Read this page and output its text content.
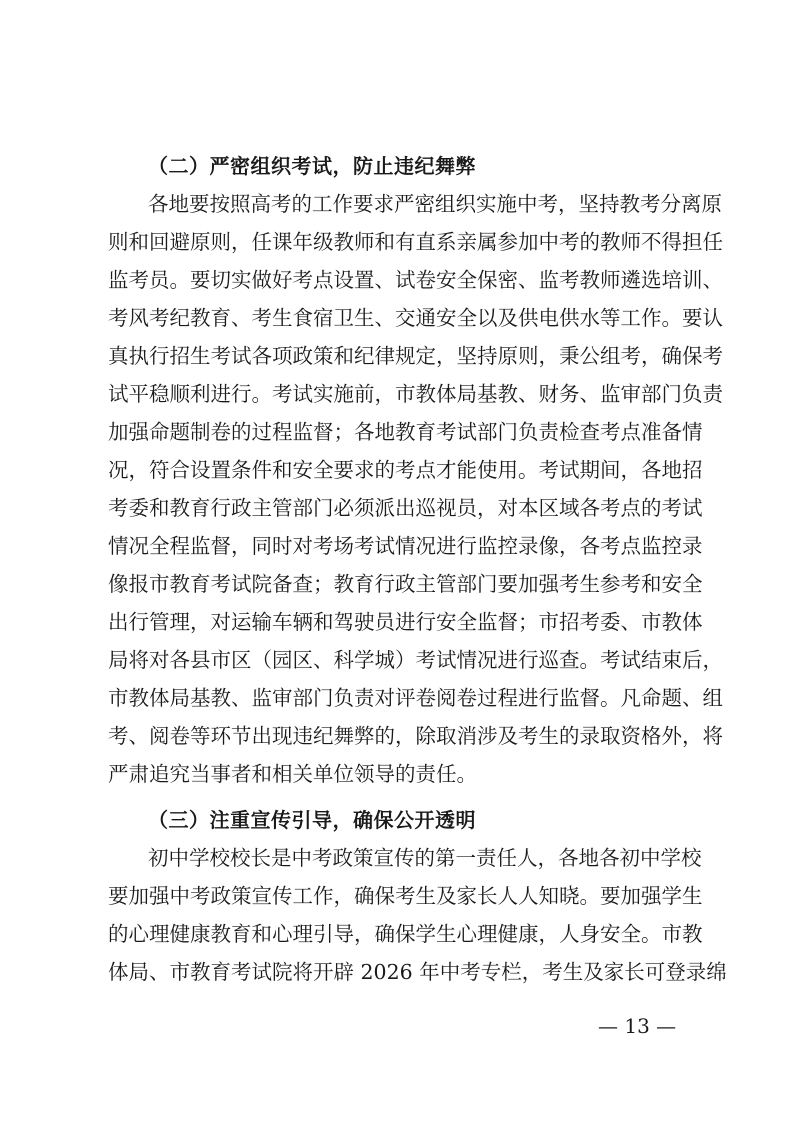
（二）严密组织考试，防止违纪舞弊
各地要按照高考的工作要求严密组织实施中考，坚持教考分离原
则和回避原则，任课年级教师和有直系亲属参加中考的教师不得担任
监考员。要切实做好考点设置、试卷安全保密、监考教师遴选培训、
考风考纪教育、考生食宿卫生、交通安全以及供电供水等工作。要认
真执行招生考试各项政策和纪律规定，坚持原则，秉公组考，确保考
试平稳顺利进行。考试实施前，市教体局基教、财务、监审部门负责
加强命题制卷的过程监督；各地教育考试部门负责检查考点准备情
况，符合设置条件和安全要求的考点才能使用。考试期间，各地招
考委和教育行政主管部门必须派出巡视员，对本区域各考点的考试
情况全程监督，同时对考场考试情况进行监控录像，各考点监控录
像报市教育考试院备查；教育行政主管部门要加强考生参考和安全
出行管理，对运输车辆和驾驶员进行安全监督；市招考委、市教体
局将对各县市区（园区、科学城）考试情况进行巡查。考试结束后，
市教体局基教、监审部门负责对评卷阅卷过程进行监督。凡命题、组
考、阅卷等环节出现违纪舞弊的，除取消涉及考生的录取资格外，将
严肃追究当事者和相关单位领导的责任。
（三）注重宣传引导，确保公开透明
初中学校校长是中考政策宣传的第一责任人，各地各初中学校
要加强中考政策宣传工作，确保考生及家长人人知晓。要加强学生
的心理健康教育和心理引导，确保学生心理健康，人身安全。市教
体局、市教育考试院将开辟 2026 年中考专栏，考生及家长可登录绵
— 13 —
